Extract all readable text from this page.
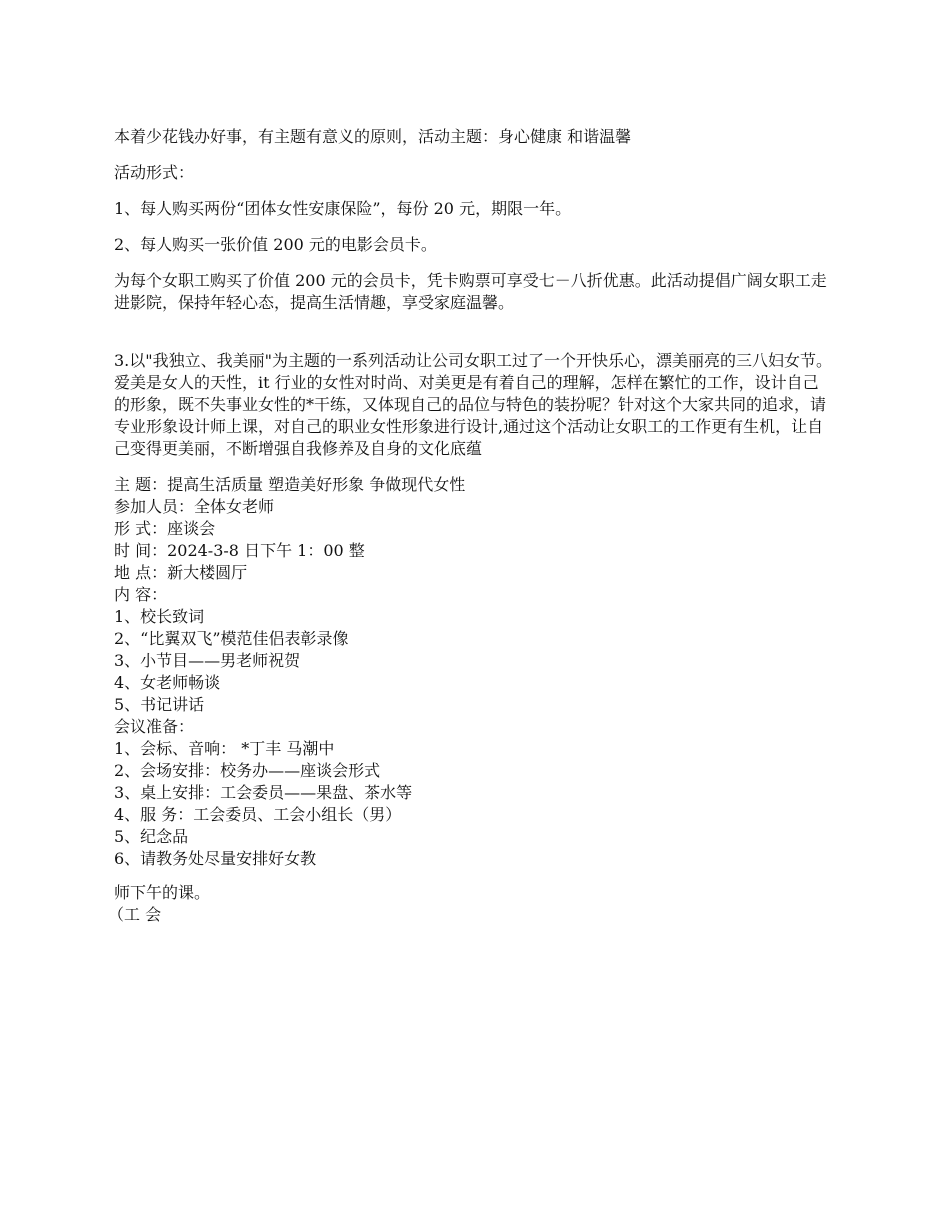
本着少花钱办好事，有主题有意义的原则，活动主题：身心健康 和谐温馨

活动形式：

1、每人购买两份“团体女性安康保险”，每份 20 元，期限一年。

2、每人购买一张价值 200 元的电影会员卡。

为每个女职工购买了价值 200 元的会员卡，凭卡购票可享受七－八折优惠。此活动提倡广阔女职工走进影院，保持年轻心态，提高生活情趣，享受家庭温馨。

3.以"我独立、我美丽"为主题的一系列活动让公司女职工过了一个开快乐心，漂美丽亮的三八妇女节。 爱美是女人的天性，it 行业的女性对时尚、对美更是有着自己的理解，怎样在繁忙的工作，设计自己的形象，既不失事业女性的*干练，又体现自己的品位与特色的装扮呢？针对这个大家共同的追求，请专业形象设计师上课，对自己的职业女性形象进行设计,通过这个活动让女职工的工作更有生机，让自己变得更美丽，不断增强自我修养及自身的文化底蕴

主 题：提高生活质量 塑造美好形象 争做现代女性

参加人员：全体女老师

形 式：座谈会

时 间：2024-3-8 日下午 1：00 整

地 点：新大楼圆厅

内 容：

1、校长致词

2、“比翼双飞”模范佳侣表彰录像

3、小节目——男老师祝贺

4、女老师畅谈

5、书记讲话

会议准备：

1、会标、音响： *丁丰 马潮中

2、会场安排：校务办——座谈会形式

3、桌上安排：工会委员——果盘、茶水等

4、服 务：工会委员、工会小组长（男）

5、纪念品

6、请教务处尽量安排好女教

师下午的课。

（工 会
